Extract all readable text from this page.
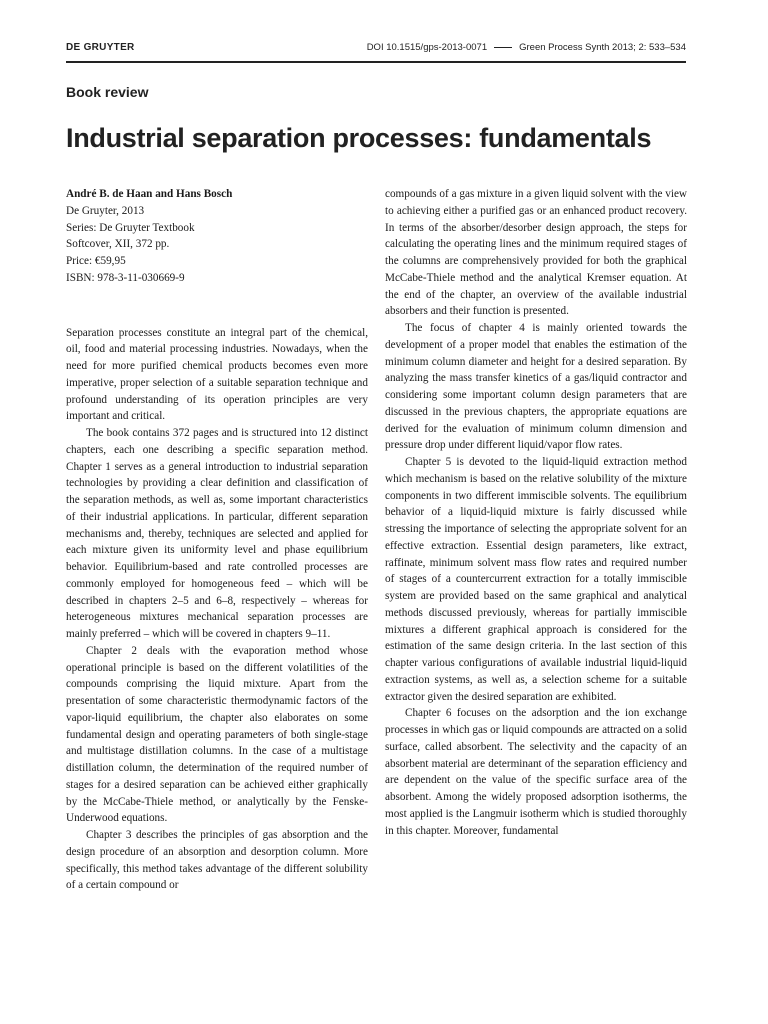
DE GRUYTER	DOI 10.1515/gps-2013-0071	Green Process Synth 2013; 2: 533–534
Book review
Industrial separation processes: fundamentals

André B. de Haan and Hans Bosch

De Gruyter, 2013

Series: De Gruyter Textbook

Softcover, XII, 372 pp.

Price: €59,95

ISBN: 978-3-11-030669-9

Separation processes constitute an integral part of the chemical, oil, food and material processing industries. Nowadays, when the need for more purified chemical products becomes even more imperative, proper selection of a suitable separation technique and profound understanding of its operation principles are very important and critical.

The book contains 372 pages and is structured into 12 distinct chapters, each one describing a specific separation method. Chapter 1 serves as a general introduction to industrial separation technologies by providing a clear definition and classification of the separation methods, as well as, some important characteristics of their industrial applications. In particular, different separation mechanisms and, thereby, techniques are selected and applied for each mixture given its uniformity level and phase equilibrium behavior. Equilibrium-based and rate controlled processes are commonly employed for homogeneous feed – which will be described in chapters 2–5 and 6–8, respectively – whereas for heterogeneous mixtures mechanical separation processes are mainly preferred – which will be covered in chapters 9–11.

Chapter 2 deals with the evaporation method whose operational principle is based on the different volatilities of the compounds comprising the liquid mixture. Apart from the presentation of some characteristic thermodynamic factors of the vapor-liquid equilibrium, the chapter also elaborates on some fundamental design and operating parameters of both single-stage and multistage distillation columns. In the case of a multistage distillation column, the determination of the required number of stages for a desired separation can be achieved either graphically by the McCabe-Thiele method, or analytically by the Fenske-Underwood equations.

Chapter 3 describes the principles of gas absorption and the design procedure of an absorption and desorption column. More specifically, this method takes advantage of the different solubility of a certain compound or

compounds of a gas mixture in a given liquid solvent with the view to achieving either a purified gas or an enhanced product recovery. In terms of the absorber/desorber design approach, the steps for calculating the operating lines and the minimum required stages of the columns are comprehensively provided for both the graphical McCabe-Thiele method and the analytical Kremser equation. At the end of the chapter, an overview of the available industrial absorbers and their function is presented.

The focus of chapter 4 is mainly oriented towards the development of a proper model that enables the estimation of the minimum column diameter and height for a desired separation. By analyzing the mass transfer kinetics of a gas/liquid contractor and considering some important column design parameters that are discussed in the previous chapters, the appropriate equations are derived for the evaluation of minimum column dimension and pressure drop under different liquid/vapor flow rates.

Chapter 5 is devoted to the liquid-liquid extraction method which mechanism is based on the relative solubility of the mixture components in two different immiscible solvents. The equilibrium behavior of a liquid-liquid mixture is fairly discussed while stressing the importance of selecting the appropriate solvent for an effective extraction. Essential design parameters, like extract, raffinate, minimum solvent mass flow rates and required number of stages of a countercurrent extraction for a totally immiscible system are provided based on the same graphical and analytical methods discussed previously, whereas for partially immiscible mixtures a different graphical approach is considered for the estimation of the same design criteria. In the last section of this chapter various configurations of available industrial liquid-liquid extraction systems, as well as, a selection scheme for a suitable extractor given the desired separation are exhibited.

Chapter 6 focuses on the adsorption and the ion exchange processes in which gas or liquid compounds are attracted on a solid surface, called absorbent. The selectivity and the capacity of an absorbent material are determinant of the separation efficiency and are dependent on the value of the specific surface area of the absorbent. Among the widely proposed adsorption isotherms, the most applied is the Langmuir isotherm which is studied thoroughly in this chapter. Moreover, fundamental
